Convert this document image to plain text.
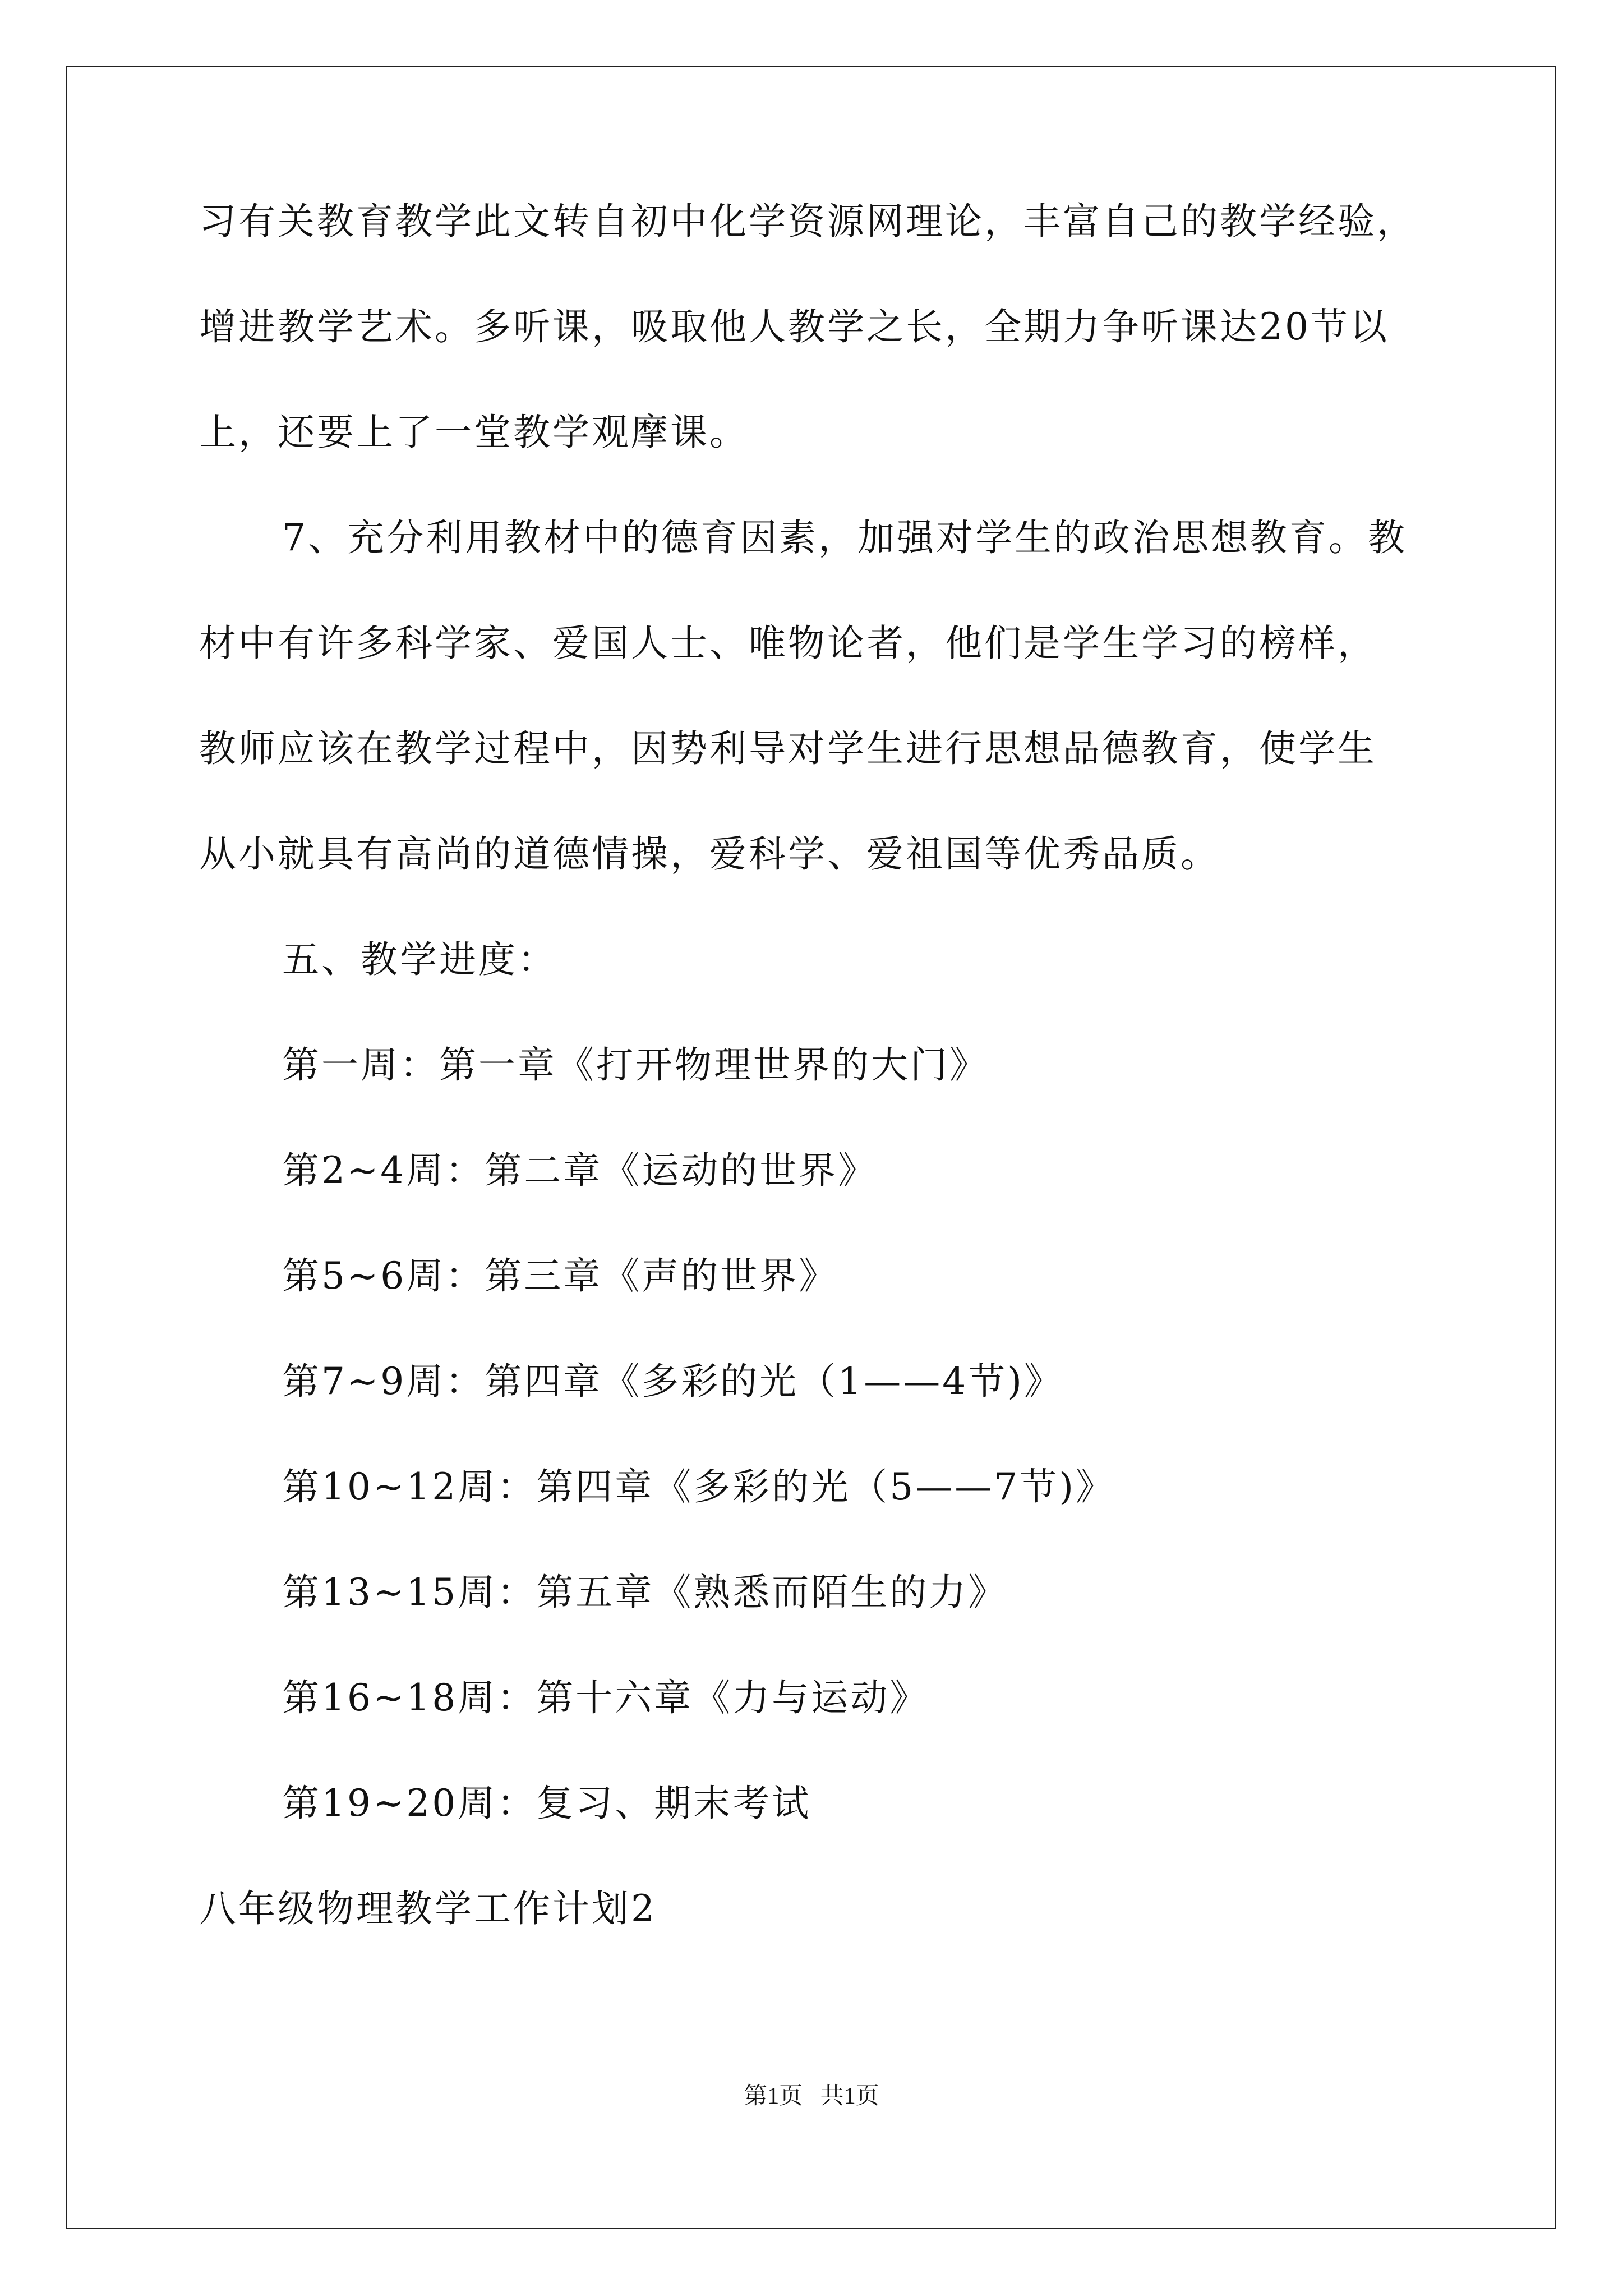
习有关教育教学此文转自初中化学资源网理论，丰富自己的教学经验，
增进教学艺术。多听课，吸取他人教学之长，全期力争听课达20节以
上，还要上了一堂教学观摩课。
7、充分利用教材中的德育因素，加强对学生的政治思想教育。教
材中有许多科学家、爱国人士、唯物论者，他们是学生学习的榜样，
教师应该在教学过程中，因势利导对学生进行思想品德教育，使学生
从小就具有高尚的道德情操，爱科学、爱祖国等优秀品质。
五、教学进度：
第一周：第一章《打开物理世界的大门》
第2~4周：第二章《运动的世界》
第5~6周：第三章《声的世界》
第7~9周：第四章《多彩的光（1——4节)》
第10~12周：第四章《多彩的光（5——7节)》
第13~15周：第五章《熟悉而陌生的力》
第16~18周：第十六章《力与运动》
第19~20周：复习、期末考试
八年级物理教学工作计划2
第1页   共1页
